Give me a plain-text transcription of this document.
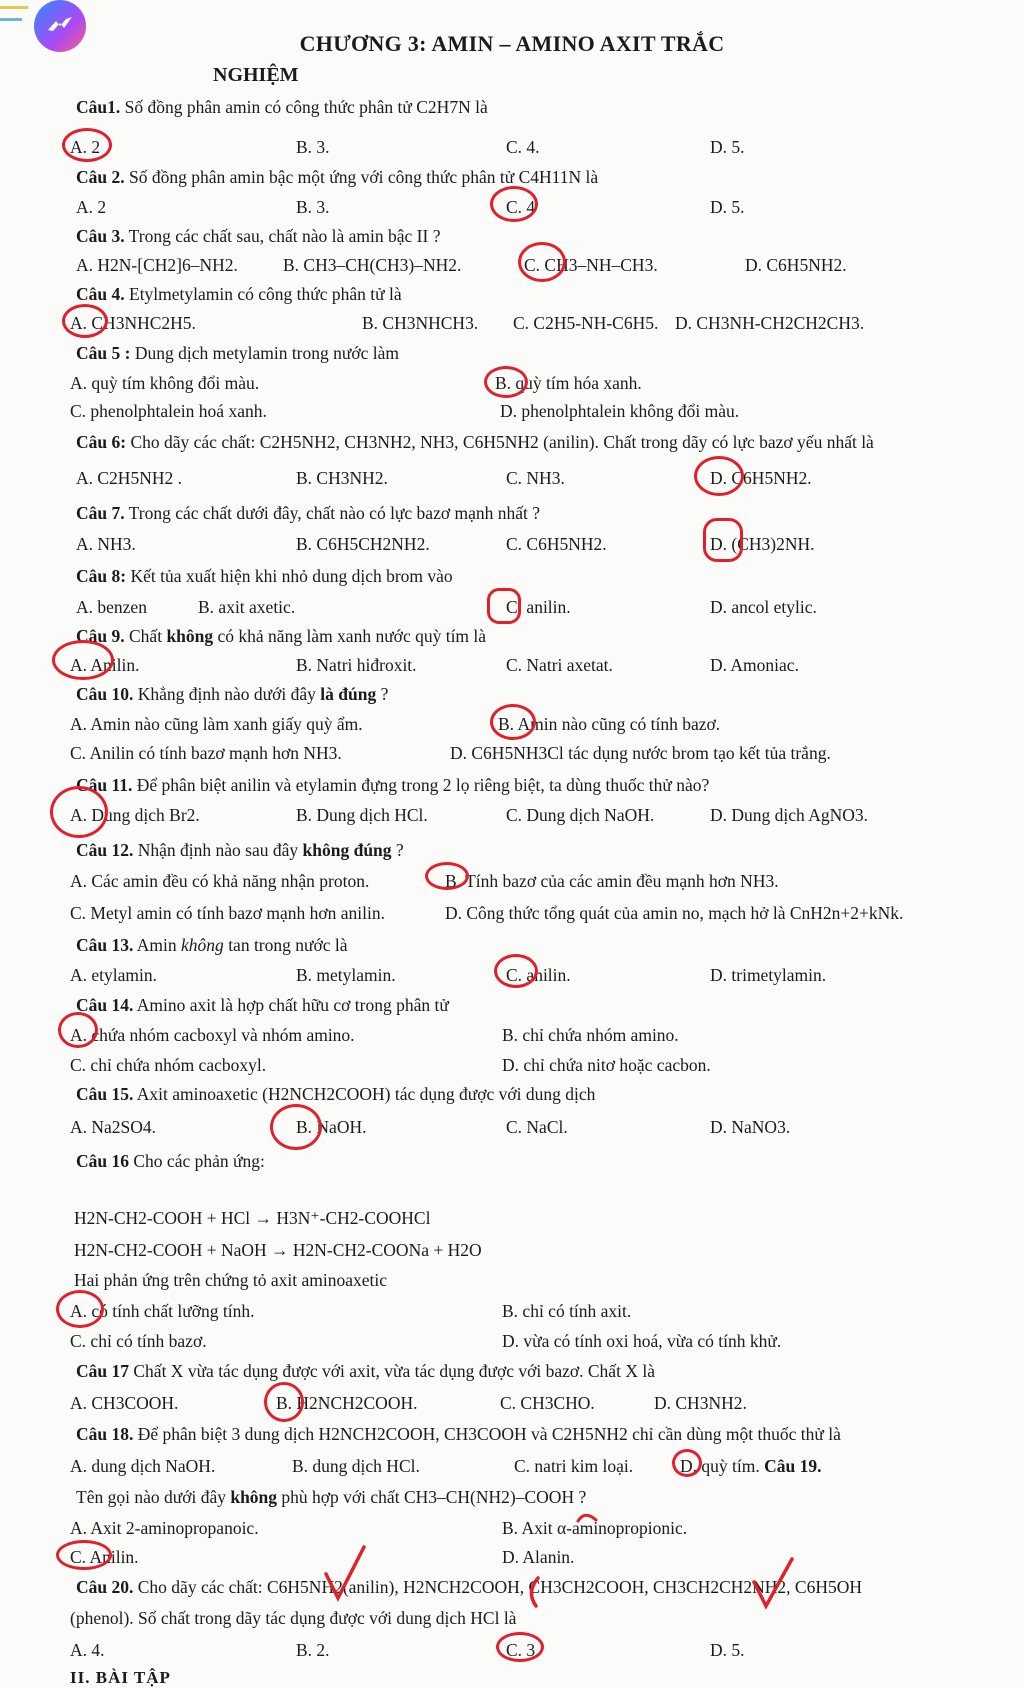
CHƯƠNG 3: AMIN – AMINO AXIT TRẮC
NGHIỆM
Câu1. Số đồng phân amin có công thức phân tử C2H7N là
A. 2	B. 3.	C. 4.	D. 5.
Câu 2. Số đồng phân amin bậc một ứng với công thức phân tử C4H11N là
A. 2	B. 3.	C. 4	D. 5.
Câu 3. Trong các chất sau, chất nào là amin bậc II ?
A. H2N-[CH2]6–NH2.	B. CH3–CH(CH3)–NH2.	C. CH3–NH–CH3.	D. C6H5NH2.
Câu 4. Etylmetylamin có công thức phân tử là
A. CH3NHC2H5.	B. CH3NHCH3. C. C2H5-NH-C6H5. D. CH3NH-CH2CH2CH3.
Câu 5 : Dung dịch metylamin trong nước làm
A. quỳ tím không đổi màu.	B. quỳ tím hóa xanh.
C. phenolphtalein hoá xanh.	D. phenolphtalein không đổi màu.
Câu 6: Cho dãy các chất: C2H5NH2, CH3NH2, NH3, C6H5NH2 (anilin). Chất trong dãy có lực bazơ yếu nhất là
A. C2H5NH2 .	B. CH3NH2.	C. NH3.	D. C6H5NH2.
Câu 7. Trong các chất dưới đây, chất nào có lực bazơ mạnh nhất ?
A. NH3.	B. C6H5CH2NH2.	C. C6H5NH2.	D. (CH3)2NH.
Câu 8: Kết tủa xuất hiện khi nhỏ dung dịch brom vào
A. benzen	B. axit axetic.	C. anilin.	D. ancol etylic.
Câu 9. Chất không có khả năng làm xanh nước quỳ tím là
A. Anilin.	B. Natri hiđroxit.	C. Natri axetat.	D. Amoniac.
Câu 10. Khẳng định nào dưới đây là đúng ?
A. Amin nào cũng làm xanh giấy quỳ ẩm.	B. Amin nào cũng có tính bazơ.
C. Anilin có tính bazơ mạnh hơn NH3.	D. C6H5NH3Cl tác dụng nước brom tạo kết tủa trắng.
Câu 11. Để phân biệt anilin và etylamin đựng trong 2 lọ riêng biệt, ta dùng thuốc thử nào?
A. Dung dịch Br2.	B. Dung dịch HCl.	C. Dung dịch NaOH.	D. Dung dịch AgNO3.
Câu 12. Nhận định nào sau đây không đúng ?
A. Các amin đều có khả năng nhận proton.	B. Tính bazơ của các amin đều mạnh hơn NH3.
C. Metyl amin có tính bazơ mạnh hơn anilin.	D. Công thức tổng quát của amin no, mạch hở là CnH2n+2+kNk.
Câu 13. Amin không tan trong nước là
A. etylamin.	B. metylamin.	C. anilin.	D. trimetylamin.
Câu 14. Amino axit là hợp chất hữu cơ trong phân tử
A. chứa nhóm cacboxyl và nhóm amino.	B. chỉ chứa nhóm amino.
C. chỉ chứa nhóm cacboxyl.	D. chỉ chứa nitơ hoặc cacbon.
Câu 15. Axit aminoaxetic (H2NCH2COOH) tác dụng được với dung dịch
A. Na2SO4.	B. NaOH.	C. NaCl.	D. NaNO3.
Câu 16 Cho các phản ứng:
H2N-CH2-COOH + HCl → H3N⁺-CH2-COOHCl
H2N-CH2-COOH + NaOH → H2N-CH2-COONa + H2O
Hai phản ứng trên chứng tỏ axit aminoaxetic
A. có tính chất lưỡng tính.	B. chỉ có tính axit.
C. chỉ có tính bazơ.	D. vừa có tính oxi hoá, vừa có tính khử.
Câu 17 Chất X vừa tác dụng được với axit, vừa tác dụng được với bazơ. Chất X là
A. CH3COOH.	B. H2NCH2COOH.	C. CH3CHO.	D. CH3NH2.
Câu 18. Để phân biệt 3 dung dịch H2NCH2COOH, CH3COOH và C2H5NH2 chỉ cần dùng một thuốc thử là
A. dung dịch NaOH.	B. dung dịch HCl.	C. natri kim loại.	D. quỳ tím. Câu 19.
Tên gọi nào dưới đây không phù hợp với chất CH3–CH(NH2)–COOH ?
A. Axit 2-aminopropanoic.	B. Axit α-aminopropionic.
C. Anilin.	D. Alanin.
Câu 20. Cho dãy các chất: C6H5NH2(anilin), H2NCH2COOH, CH3CH2COOH, CH3CH2CH2NH2, C6H5OH
(phenol). Số chất trong dãy tác dụng được với dung dịch HCl là
A. 4.	B. 2.	C. 3.	D. 5.
II. BÀI TẬP
